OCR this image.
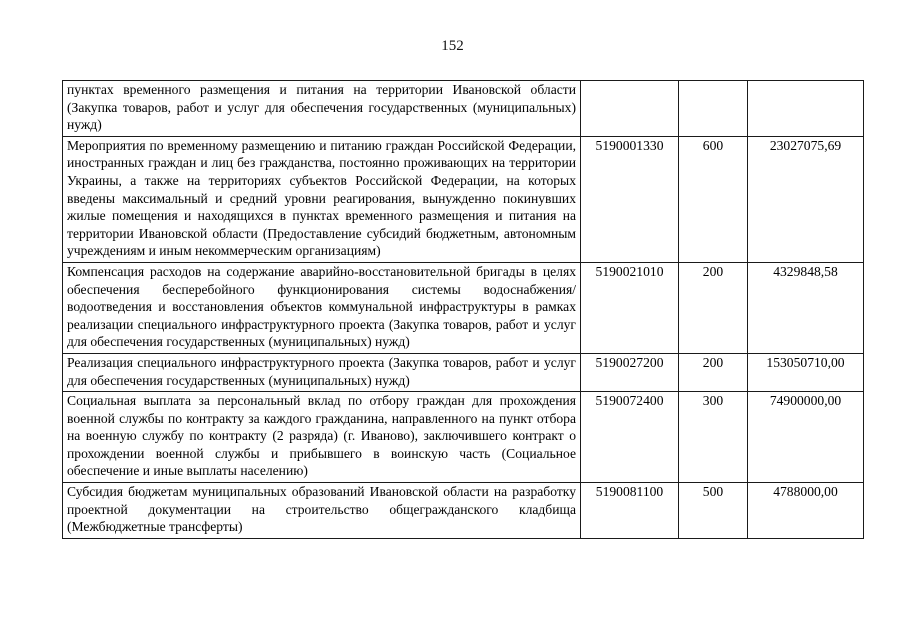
152
пунктах временного размещения и питания на территории Ивановской области (Закупка товаров, работ и услуг для обеспечения государственных (муниципальных) нужд)			
Мероприятия по временному размещению и питанию граждан Российской Федерации, иностранных граждан и лиц без гражданства, постоянно проживающих на территории Украины, а также на территориях субъектов Российской Федерации, на которых введены максимальный и средний уровни реагирования, вынужденно покинувших жилые помещения и находящихся в пунктах временного размещения и питания на территории Ивановской области (Предоставление субсидий бюджетным, автономным учреждениям и иным некоммерческим организациям)	5190001330	600	23027075,69
Компенсация расходов на содержание аварийно-восстановительной бригады в целях обеспечения бесперебойного функционирования системы водоснабжения/водоотведения и восстановления объектов коммунальной инфраструктуры в рамках реализации специального инфраструктурного проекта (Закупка товаров, работ и услуг для обеспечения государственных (муниципальных) нужд)	5190021010	200	4329848,58
Реализация специального инфраструктурного проекта (Закупка товаров, работ и услуг для обеспечения государственных (муниципальных) нужд)	5190027200	200	153050710,00
Социальная выплата за персональный вклад по отбору граждан для прохождения военной службы по контракту за каждого гражданина, направленного на пункт отбора на военную службу по контракту (2 разряда) (г. Иваново), заключившего контракт о прохождении военной службы и прибывшего в воинскую часть (Социальное обеспечение и иные выплаты населению)	5190072400	300	74900000,00
Субсидия бюджетам муниципальных образований Ивановской области на разработку проектной документации на строительство общегражданского кладбища (Межбюджетные трансферты)	5190081100	500	4788000,00
